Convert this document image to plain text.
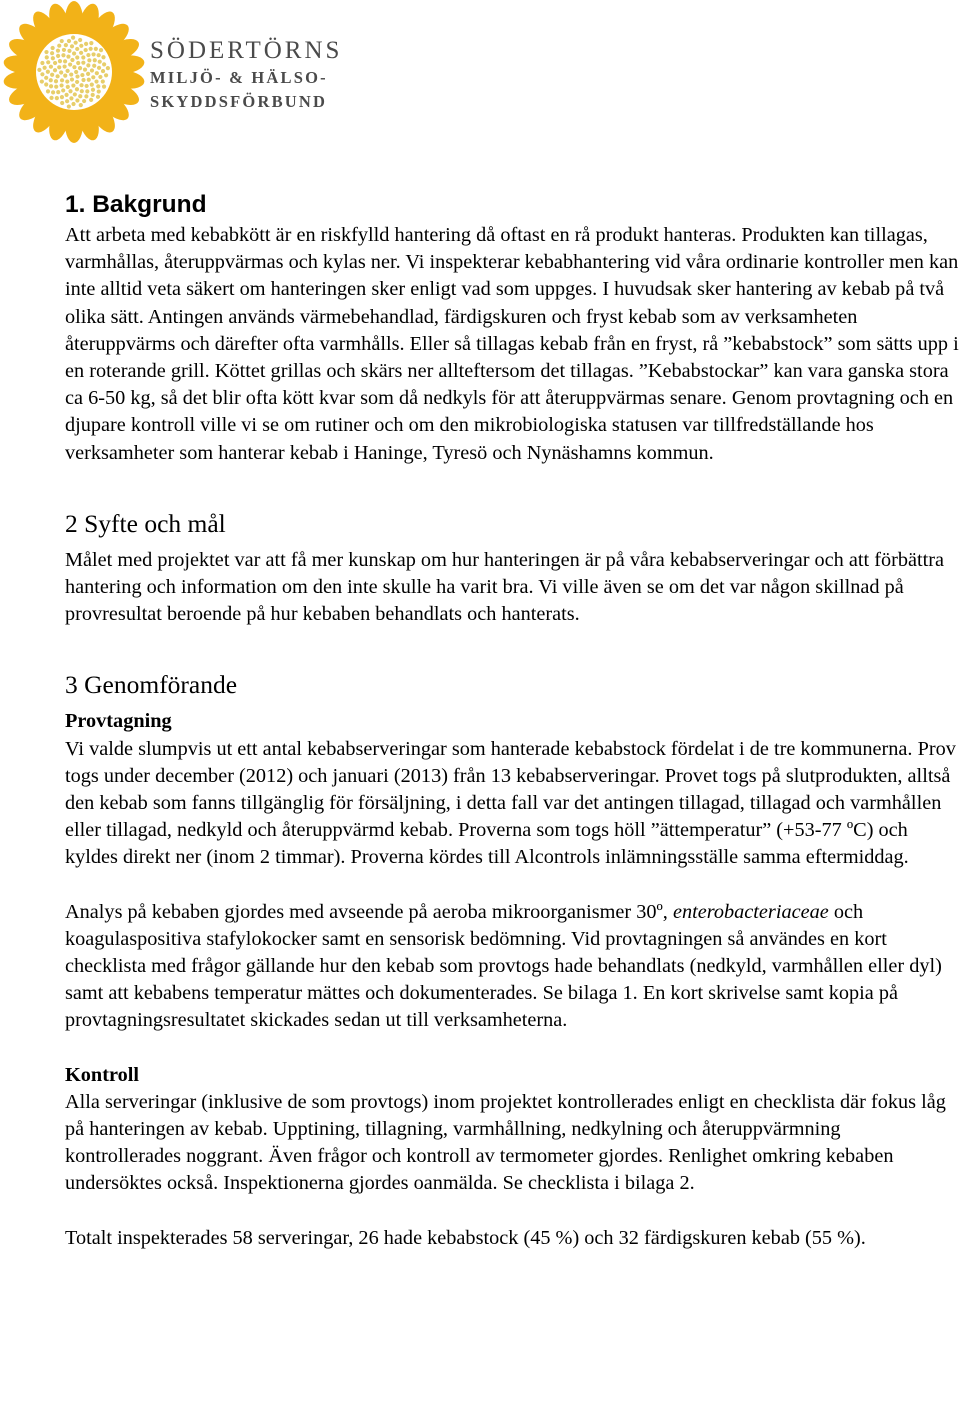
SÖDERTÖRNS
MILJÖ- & HÄLSO-
SKYDDSFÖRBUND
1. Bakgrund

Att arbeta med kebabkött är en riskfylld hantering då oftast en rå produkt hanteras. Produkten kan tillagas, varmhållas, återuppvärmas och kylas ner. Vi inspekterar kebabhantering vid våra ordinarie kontroller men kan inte alltid veta säkert om hanteringen sker enligt vad som uppges. I huvudsak sker hantering av kebab på två olika sätt. Antingen används värmebehandlad, färdigskuren och fryst kebab som av verksamheten återuppvärms och därefter ofta varmhålls. Eller så tillagas kebab från en fryst, rå ”kebabstock” som sätts upp i en roterande grill. Köttet grillas och skärs ner allteftersom det tillagas. ”Kebabstockar” kan vara ganska stora ca 6-50 kg, så det blir ofta kött kvar som då nedkyls för att återuppvärmas senare. Genom provtagning och en djupare kontroll ville vi se om rutiner och om den mikrobiologiska statusen var tillfredställande hos verksamheter som hanterar kebab i Haninge, Tyresö och Nynäshamns kommun.

2 Syfte och mål

Målet med projektet var att få mer kunskap om hur hanteringen är på våra kebabserveringar och att förbättra hantering och information om den inte skulle ha varit bra. Vi ville även se om det var någon skillnad på provresultat beroende på hur kebaben behandlats och hanterats.

3 Genomförande

Provtagning

Vi valde slumpvis ut ett antal kebabserveringar som hanterade kebabstock fördelat i de tre kommunerna. Prov togs under december (2012) och januari (2013) från 13 kebabserveringar. Provet togs på slutprodukten, alltså den kebab som fanns tillgänglig för försäljning, i detta fall var det antingen tillagad, tillagad och varmhållen eller tillagad, nedkyld och återuppvärmd kebab. Proverna som togs höll ”ättemperatur” (+53-77 ºC) och kyldes direkt ner (inom 2 timmar). Proverna kördes till Alcontrols inlämningsställe samma eftermiddag.

Analys på kebaben gjordes med avseende på aeroba mikroorganismer 30º, enterobacteriaceae och koagulaspositiva stafylokocker samt en sensorisk bedömning. Vid provtagningen så användes en kort checklista med frågor gällande hur den kebab som provtogs hade behandlats (nedkyld, varmhållen eller dyl) samt att kebabens temperatur mättes och dokumenterades. Se bilaga 1. En kort skrivelse samt kopia på provtagningsresultatet skickades sedan ut till verksamheterna.

Kontroll

Alla serveringar (inklusive de som provtogs) inom projektet kontrollerades enligt en checklista där fokus låg på hanteringen av kebab. Upptining, tillagning, varmhållning, nedkylning och återuppvärmning kontrollerades noggrant. Även frågor och kontroll av termometer gjordes. Renlighet omkring kebaben undersöktes också. Inspektionerna gjordes oanmälda. Se checklista i bilaga 2.

Totalt inspekterades 58 serveringar, 26 hade kebabstock (45 %) och 32 färdigskuren kebab (55 %).
